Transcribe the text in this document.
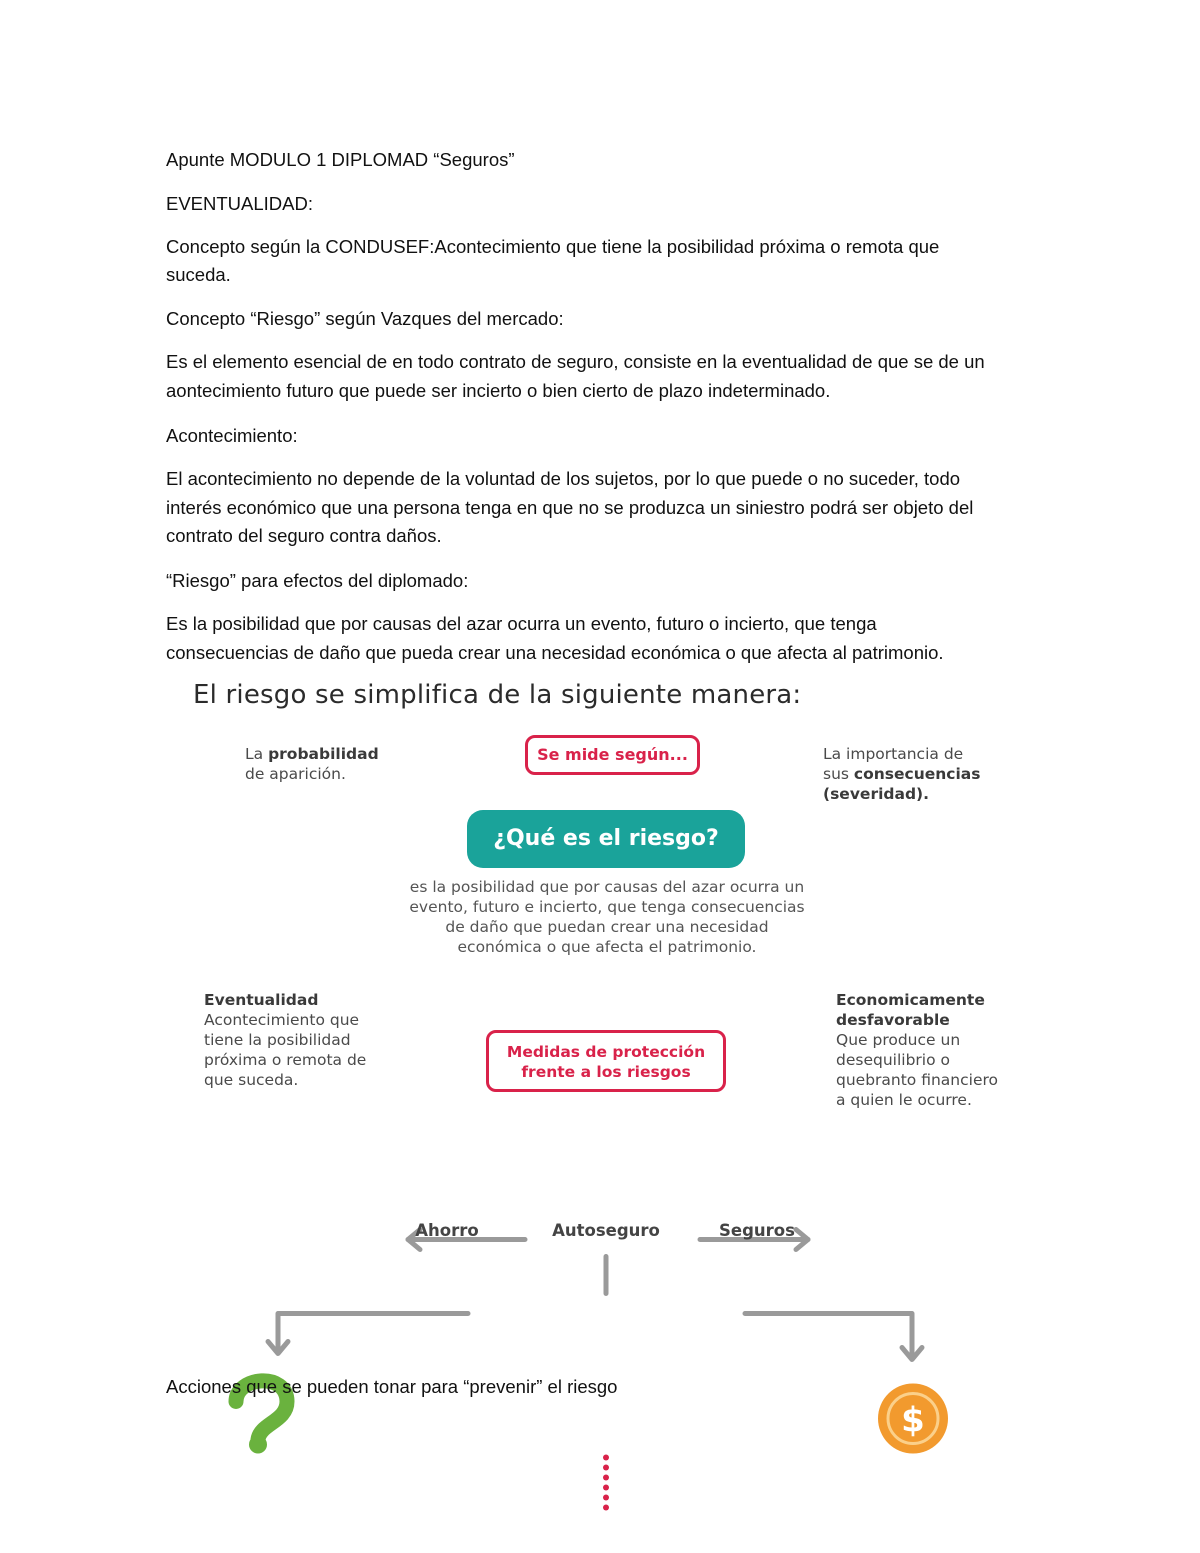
Apunte MODULO 1 DIPLOMAD “Seguros”

EVENTUALIDAD:

Concepto según la CONDUSEF:Acontecimiento que tiene la posibilidad próxima o remota que

suceda.

Concepto “Riesgo” según Vazques del mercado:

Es el elemento esencial de en todo contrato de seguro, consiste en la eventualidad de que se de un

aontecimiento futuro que puede ser incierto o bien cierto de plazo indeterminado.

Acontecimiento:

El acontecimiento no depende de la voluntad de los sujetos, por lo que puede o no suceder, todo

interés económico que una persona tenga en que no se produzca un siniestro podrá ser objeto del

contrato del seguro contra daños.

“Riesgo” para efectos del diplomado:

Es la posibilidad que por causas del azar ocurra un evento, futuro o incierto, que tenga

consecuencias de daño que pueda crear una necesidad económica o que afecta al patrimonio.

$
El riesgo se simplifica de la siguiente manera:
Se mide según...
La probabilidad
de aparición.
La importancia de
sus consecuencias
(severidad).
¿Qué es el riesgo?
es la posibilidad que por causas del azar ocurra un
evento, futuro e incierto, que tenga consecuencias
de daño que puedan crear una necesidad
económica o que afecta el patrimonio.
Eventualidad
Acontecimiento que
tiene la posibilidad
próxima o remota de
que suceda.
Economicamente
desfavorable
Que produce un
desequilibrio o
quebranto financiero
a quien le ocurre.
Medidas de protección
frente a los riesgos
Ahorro	Autoseguro	Seguros

Acciones que se pueden tonar para “prevenir” el riesgo
